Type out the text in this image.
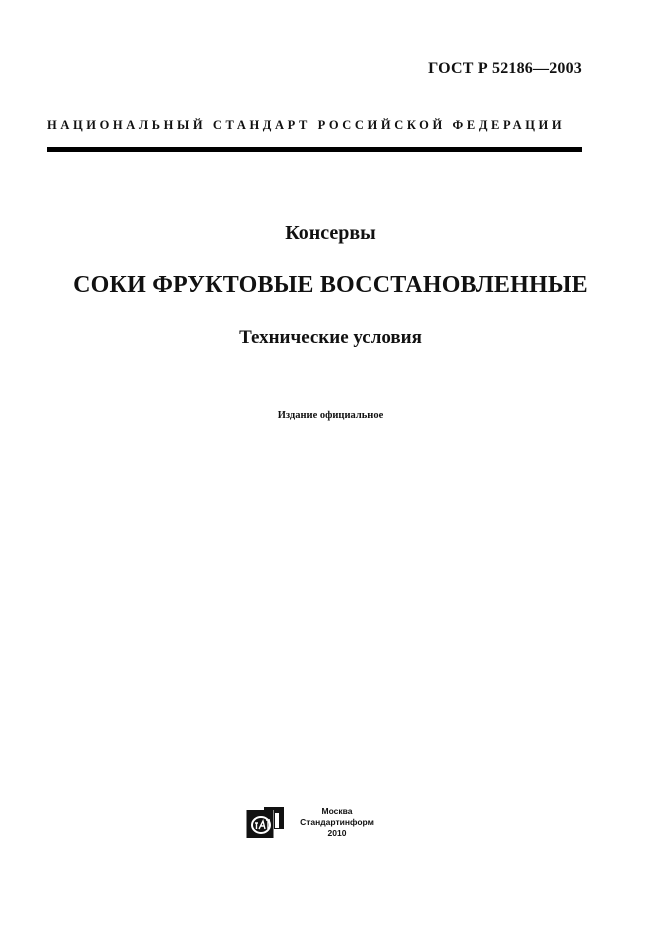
ГОСТ Р 52186—2003
НАЦИОНАЛЬНЫЙ СТАНДАРТ РОССИЙСКОЙ ФЕДЕРАЦИИ
Консервы
СОКИ ФРУКТОВЫЕ ВОССТАНОВЛЕННЫЕ
Технические условия
Издание официальное
Москва
Стандартинформ
2010
